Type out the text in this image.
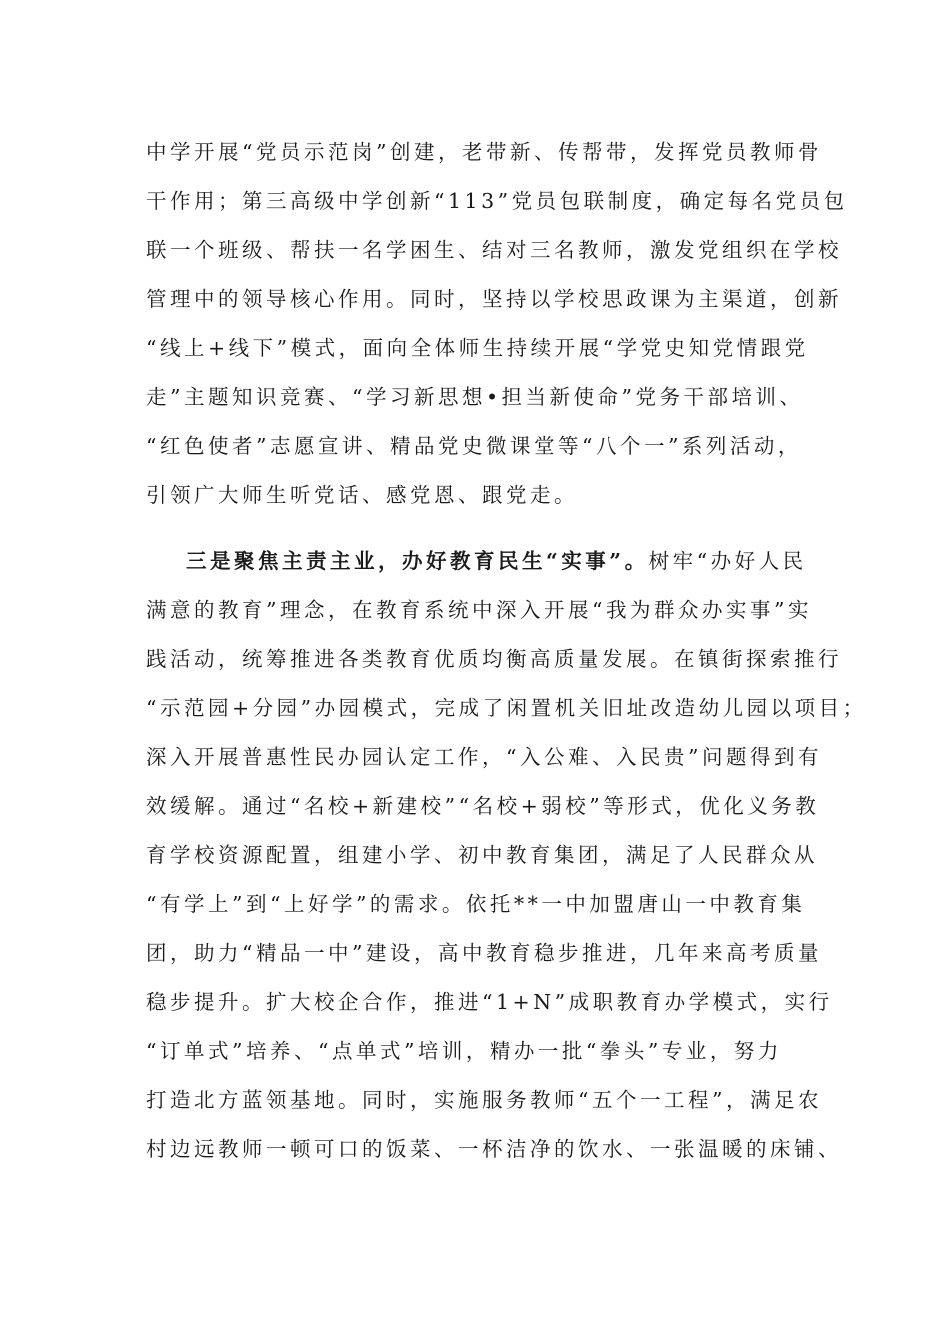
中学开展“党员示范岗”创建，老带新、传帮带，发挥党员教师骨
干作用；第三高级中学创新“113”党员包联制度，确定每名党员包
联一个班级、帮扶一名学困生、结对三名教师，激发党组织在学校
管理中的领导核心作用。同时，坚持以学校思政课为主渠道，创新
“线上+线下”模式，面向全体师生持续开展“学党史知党情跟党
走”主题知识竞赛、“学习新思想•担当新使命”党务干部培训、
“红色使者”志愿宣讲、精品党史微课堂等“八个一”系列活动，
引领广大师生听党话、感党恩、跟党走。
三是聚焦主责主业，办好教育民生“实事”。树牢“办好人民
满意的教育”理念，在教育系统中深入开展“我为群众办实事”实
践活动，统筹推进各类教育优质均衡高质量发展。在镇街探索推行
“示范园+分园”办园模式，完成了闲置机关旧址改造幼儿园以项目；
深入开展普惠性民办园认定工作，“入公难、入民贵”问题得到有
效缓解。通过“名校+新建校”“名校+弱校”等形式，优化义务教
育学校资源配置，组建小学、初中教育集团，满足了人民群众从
“有学上”到“上好学”的需求。依托**一中加盟唐山一中教育集
团，助力“精品一中”建设，高中教育稳步推进，几年来高考质量
稳步提升。扩大校企合作，推进“1+N”成职教育办学模式，实行
“订单式”培养、“点单式”培训，精办一批“拳头”专业，努力
打造北方蓝领基地。同时，实施服务教师“五个一工程”，满足农
村边远教师一顿可口的饭菜、一杯洁净的饮水、一张温暖的床铺、
